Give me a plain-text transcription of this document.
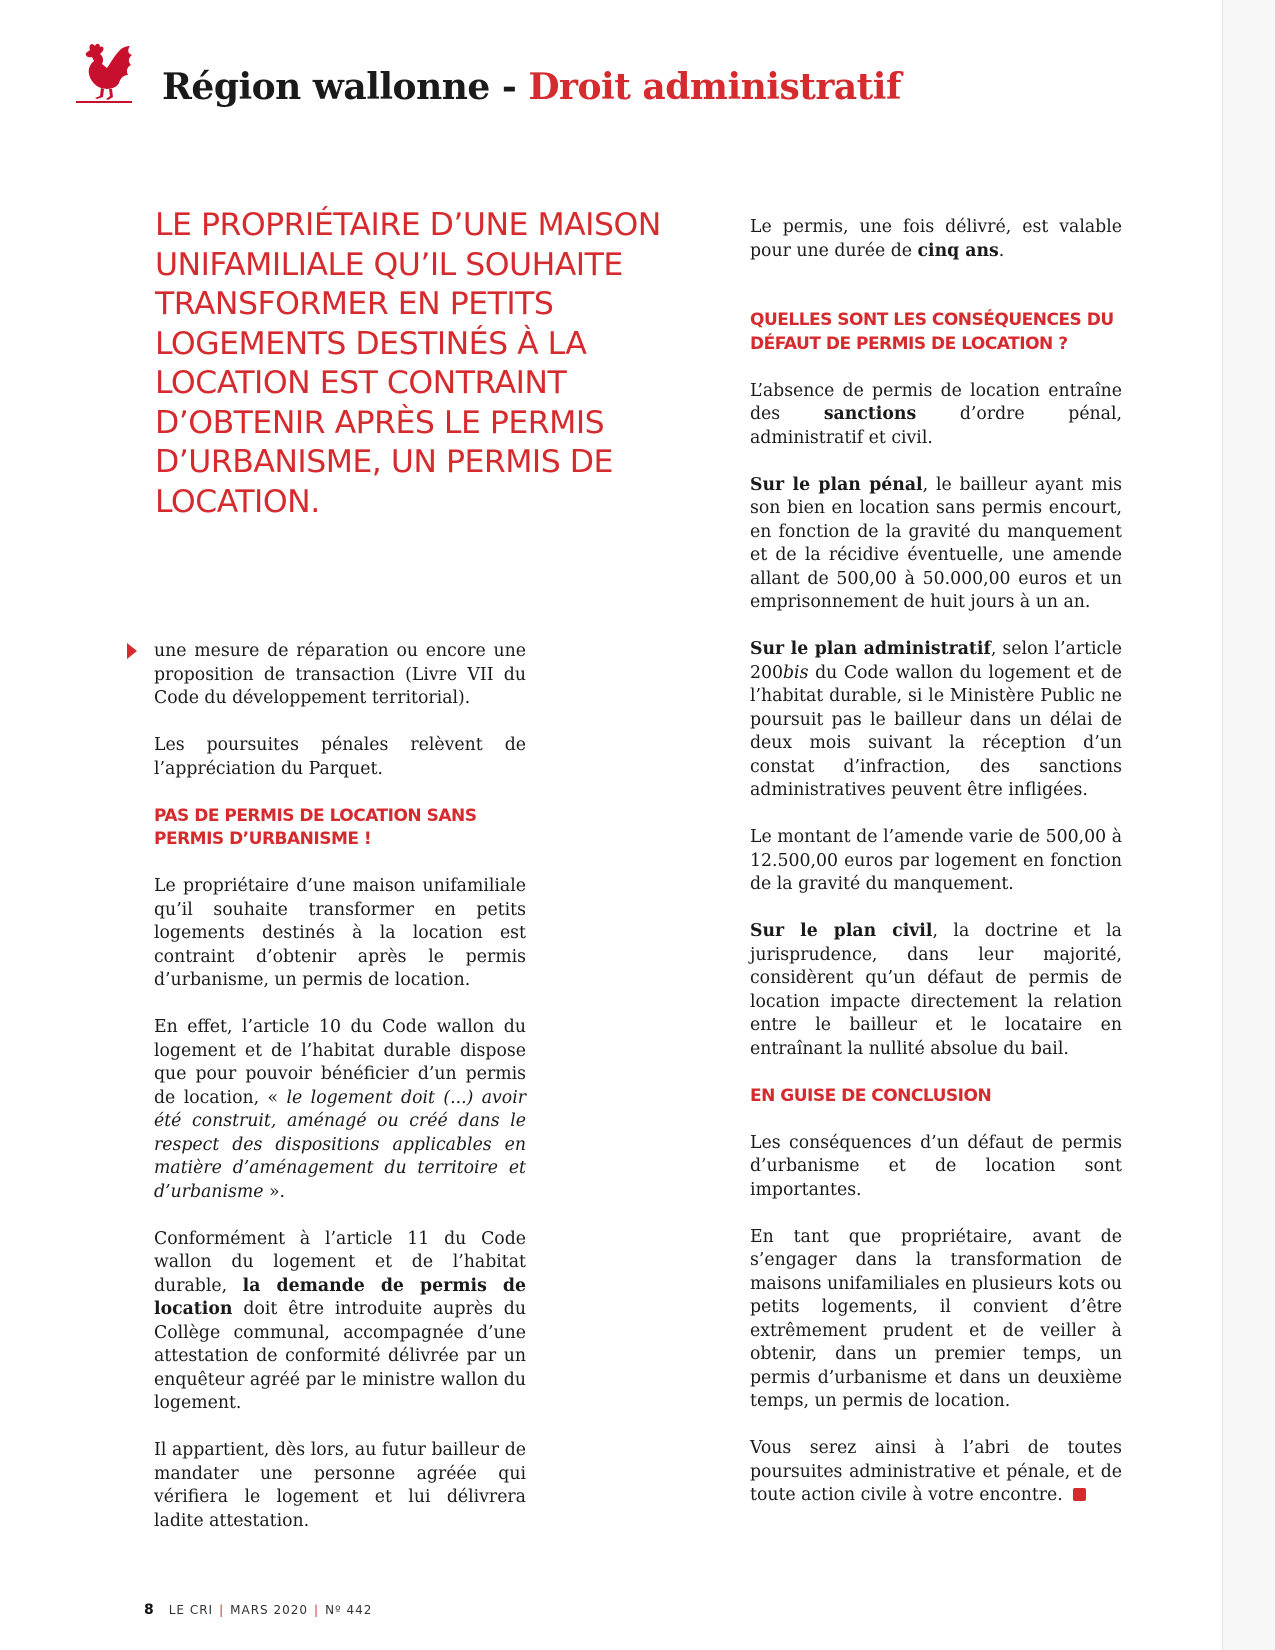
Région wallonne - Droit administratif
LE PROPRIÉTAIRE D’UNE MAISON UNIFAMILIALE QU’IL SOUHAITE TRANSFORMER EN PETITS LOGEMENTS DESTINÉS À LA LOCATION EST CONTRAINT D’OBTENIR APRÈS LE PERMIS D’URBANISME, UN PERMIS DE LOCATION.

une mesure de réparation ou encore une proposition de transaction (Livre VII du Code du développement territorial).

Les poursuites pénales relèvent de l’appréciation du Parquet.

PAS DE PERMIS DE LOCATION SANS PERMIS D’URBANISME !

Le propriétaire d’une maison unifamiliale qu’il souhaite transformer en petits logements destinés à la location est contraint d’obtenir après le permis d’urbanisme, un permis de location.

En effet, l’article 10 du Code wallon du logement et de l’habitat durable dispose que pour pouvoir bénéficier d’un permis de location, « le logement doit (...) avoir été construit, aménagé ou créé dans le respect des dispositions applicables en matière d’aménagement du territoire et d’urbanisme ».

Conformément à l’article 11 du Code wallon du logement et de l’habitat durable, la demande de permis de location doit être introduite auprès du Collège communal, accompagnée d’une attestation de conformité délivrée par un enquêteur agréé par le ministre wallon du logement.

Il appartient, dès lors, au futur bailleur de mandater une personne agréée qui vérifiera le logement et lui délivrera ladite attestation.

Le permis, une fois délivré, est valable pour une durée de cinq ans.

QUELLES SONT LES CONSÉQUENCES DU DÉFAUT DE PERMIS DE LOCATION ?

L’absence de permis de location entraîne des sanctions d’ordre pénal, administratif et civil.

Sur le plan pénal, le bailleur ayant mis son bien en location sans permis encourt, en fonction de la gravité du manquement et de la récidive éventuelle, une amende allant de 500,00 à 50.000,00 euros et un emprisonnement de huit jours à un an.

Sur le plan administratif, selon l’article 200bis du Code wallon du logement et de l’habitat durable, si le Ministère Public ne poursuit pas le bailleur dans un délai de deux mois suivant la réception d’un constat d’infraction, des sanctions administratives peuvent être infligées.

Le montant de l’amende varie de 500,00 à 12.500,00 euros par logement en fonction de la gravité du manquement.

Sur le plan civil, la doctrine et la jurisprudence, dans leur majorité, considèrent qu’un défaut de permis de location impacte directement la relation entre le bailleur et le locataire en entraînant la nullité absolue du bail.

EN GUISE DE CONCLUSION

Les conséquences d’un défaut de permis d’urbanisme et de location sont importantes.

En tant que propriétaire, avant de s’engager dans la transformation de maisons unifamiliales en plusieurs kots ou petits logements, il convient d’être extrêmement prudent et de veiller à obtenir, dans un premier temps, un permis d’urbanisme et dans un deuxième temps, un permis de location.

Vous serez ainsi à l’abri de toutes poursuites administrative et pénale, et de toute action civile à votre encontre.

8 LE CRI | MARS 2020 | Nº 442
